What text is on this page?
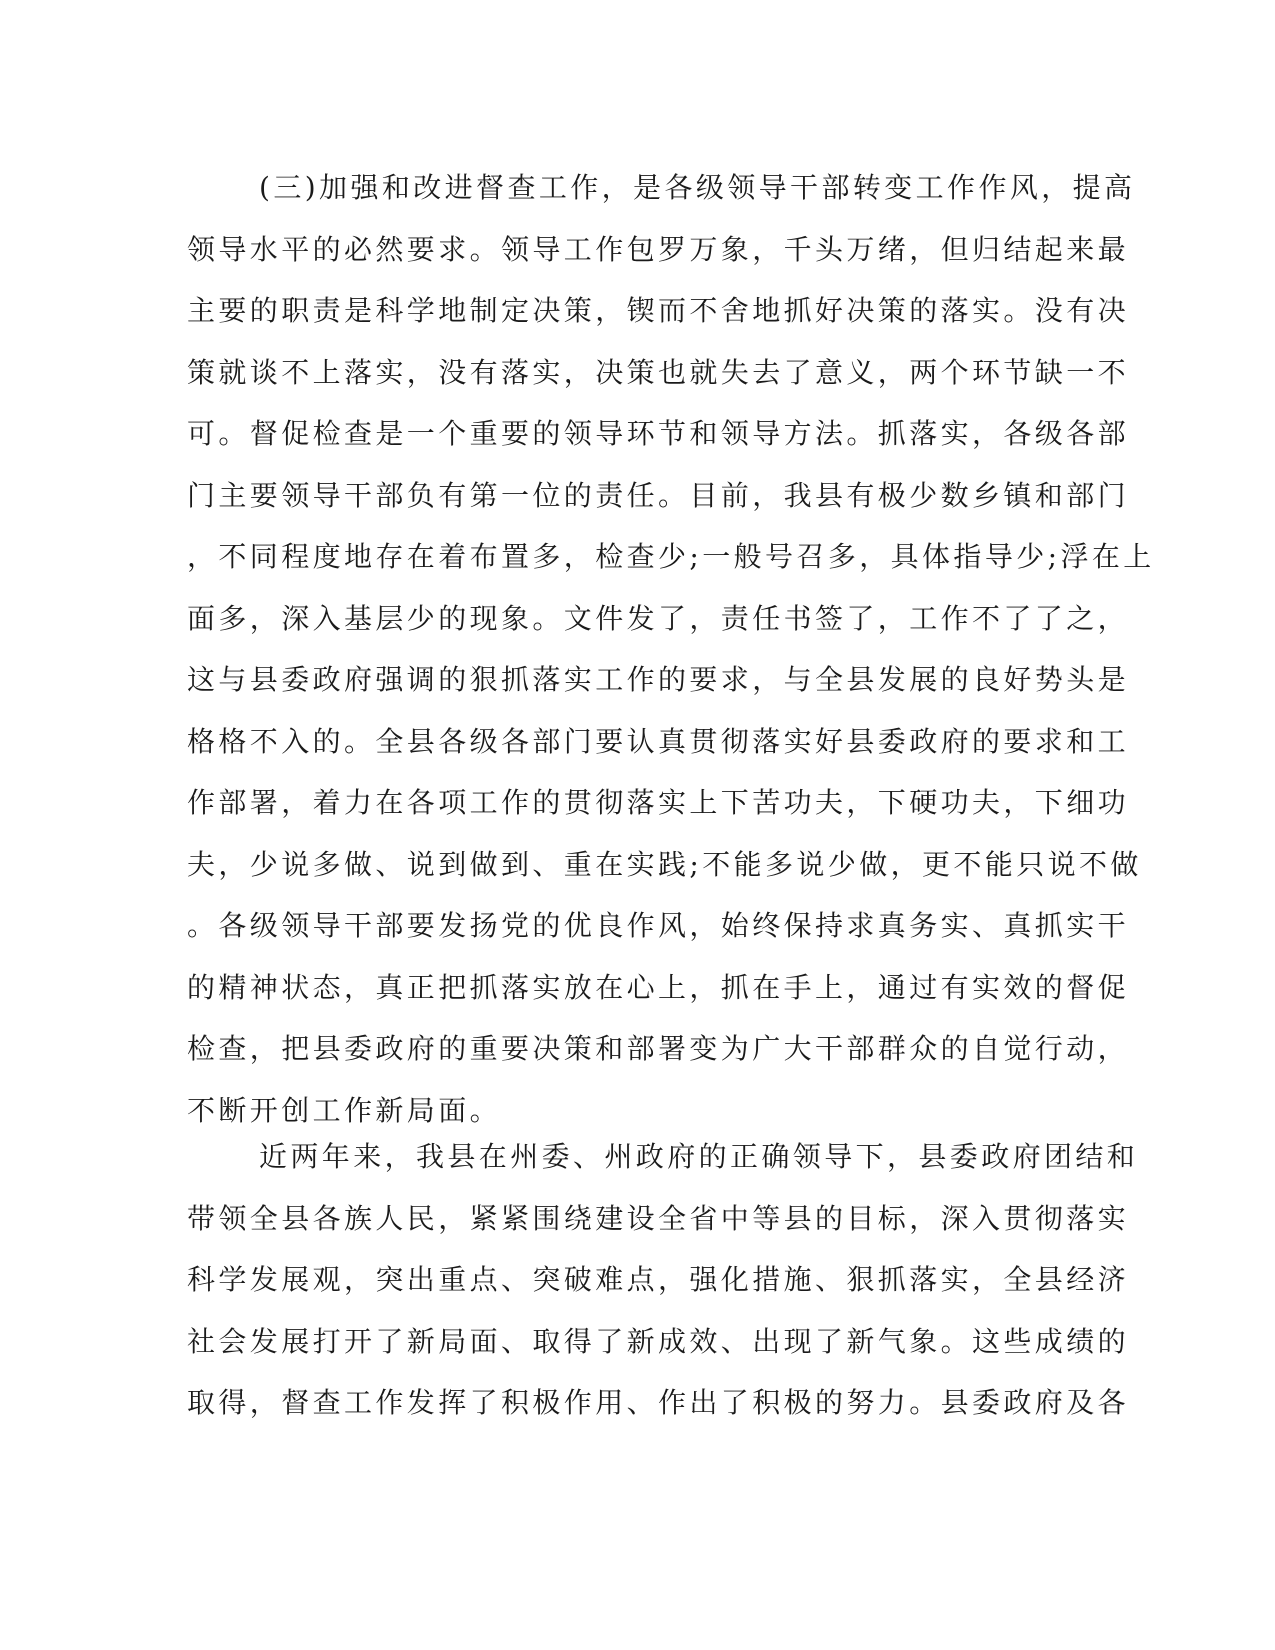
(三)加强和改进督查工作，是各级领导干部转变工作作风，提高
领导水平的必然要求。领导工作包罗万象，千头万绪，但归结起来最
主要的职责是科学地制定决策，锲而不舍地抓好决策的落实。没有决
策就谈不上落实，没有落实，决策也就失去了意义，两个环节缺一不
可。督促检查是一个重要的领导环节和领导方法。抓落实，各级各部
门主要领导干部负有第一位的责任。目前，我县有极少数乡镇和部门
，不同程度地存在着布置多，检查少;一般号召多，具体指导少;浮在上
面多，深入基层少的现象。文件发了，责任书签了，工作不了了之，
这与县委政府强调的狠抓落实工作的要求，与全县发展的良好势头是
格格不入的。全县各级各部门要认真贯彻落实好县委政府的要求和工
作部署，着力在各项工作的贯彻落实上下苦功夫，下硬功夫，下细功
夫，少说多做、说到做到、重在实践;不能多说少做，更不能只说不做
。各级领导干部要发扬党的优良作风，始终保持求真务实、真抓实干
的精神状态，真正把抓落实放在心上，抓在手上，通过有实效的督促
检查，把县委政府的重要决策和部署变为广大干部群众的自觉行动，
不断开创工作新局面。
近两年来，我县在州委、州政府的正确领导下，县委政府团结和
带领全县各族人民，紧紧围绕建设全省中等县的目标，深入贯彻落实
科学发展观，突出重点、突破难点，强化措施、狠抓落实，全县经济
社会发展打开了新局面、取得了新成效、出现了新气象。这些成绩的
取得，督查工作发挥了积极作用、作出了积极的努力。县委政府及各
